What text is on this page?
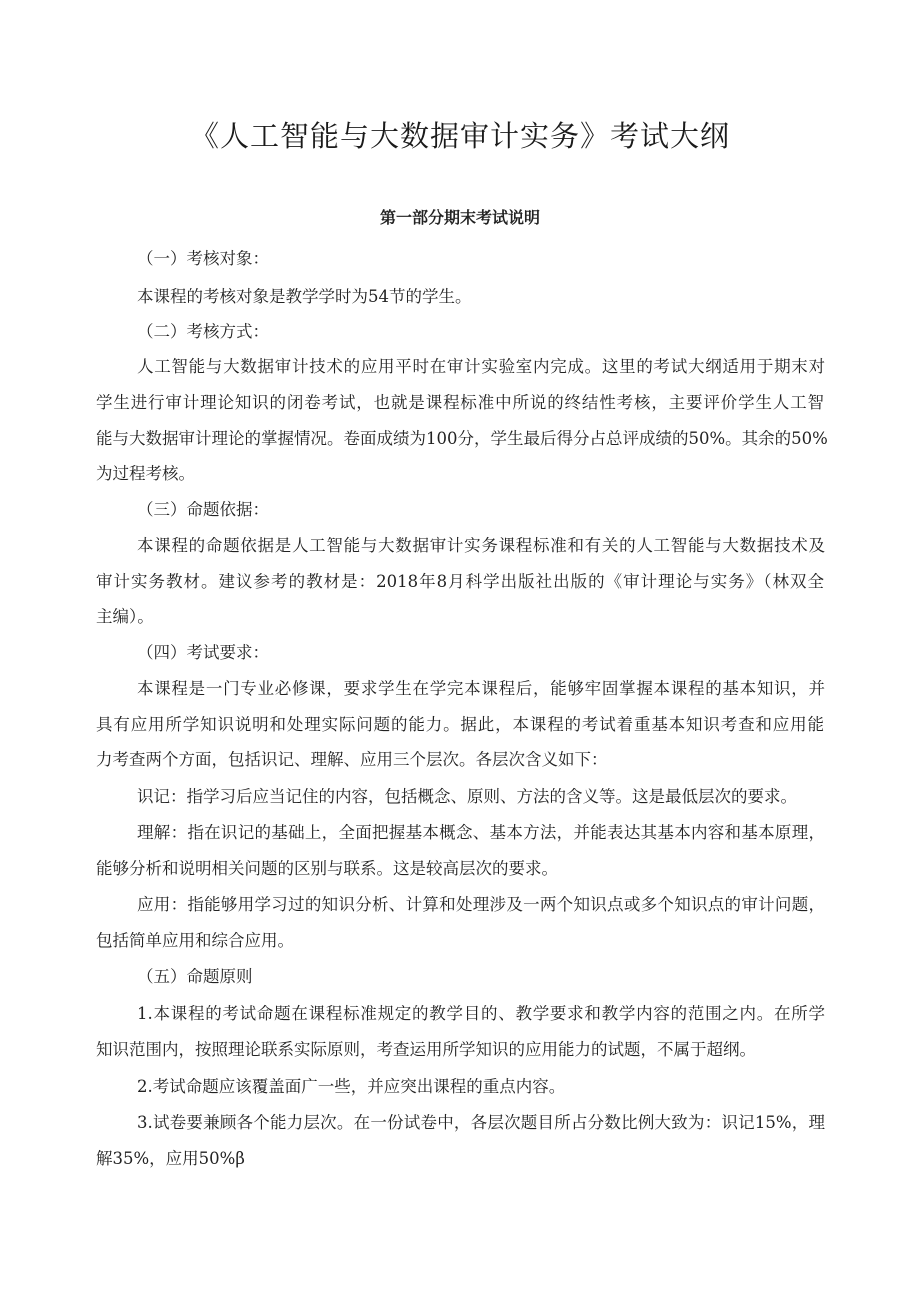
《人工智能与大数据审计实务》考试大纲
第一部分期末考试说明
（一）考核对象：
本课程的考核对象是教学学时为54节的学生。
（二）考核方式：
人工智能与大数据审计技术的应用平时在审计实验室内完成。这里的考试大纲适用于期末对
学生进行审计理论知识的闭卷考试，也就是课程标准中所说的终结性考核，主要评价学生人工智
能与大数据审计理论的掌握情况。卷面成绩为100分，学生最后得分占总评成绩的50%。其余的50%
为过程考核。
（三）命题依据：
本课程的命题依据是人工智能与大数据审计实务课程标准和有关的人工智能与大数据技术及
审计实务教材。建议参考的教材是：2018年8月科学出版社出版的《审计理论与实务》（林双全
主编）。
（四）考试要求：
本课程是一门专业必修课，要求学生在学完本课程后，能够牢固掌握本课程的基本知识，并
具有应用所学知识说明和处理实际问题的能力。据此，本课程的考试着重基本知识考查和应用能
力考查两个方面，包括识记、理解、应用三个层次。各层次含义如下：
识记：指学习后应当记住的内容，包括概念、原则、方法的含义等。这是最低层次的要求。
理解：指在识记的基础上，全面把握基本概念、基本方法，并能表达其基本内容和基本原理，
能够分析和说明相关问题的区别与联系。这是较高层次的要求。
应用：指能够用学习过的知识分析、计算和处理涉及一两个知识点或多个知识点的审计问题，
包括简单应用和综合应用。
（五）命题原则
1.本课程的考试命题在课程标准规定的教学目的、教学要求和教学内容的范围之内。在所学
知识范围内，按照理论联系实际原则，考查运用所学知识的应用能力的试题，不属于超纲。
2.考试命题应该覆盖面广一些，并应突出课程的重点内容。
3.试卷要兼顾各个能力层次。在一份试卷中，各层次题目所占分数比例大致为：识记15%，理
解35%，应用50%β
